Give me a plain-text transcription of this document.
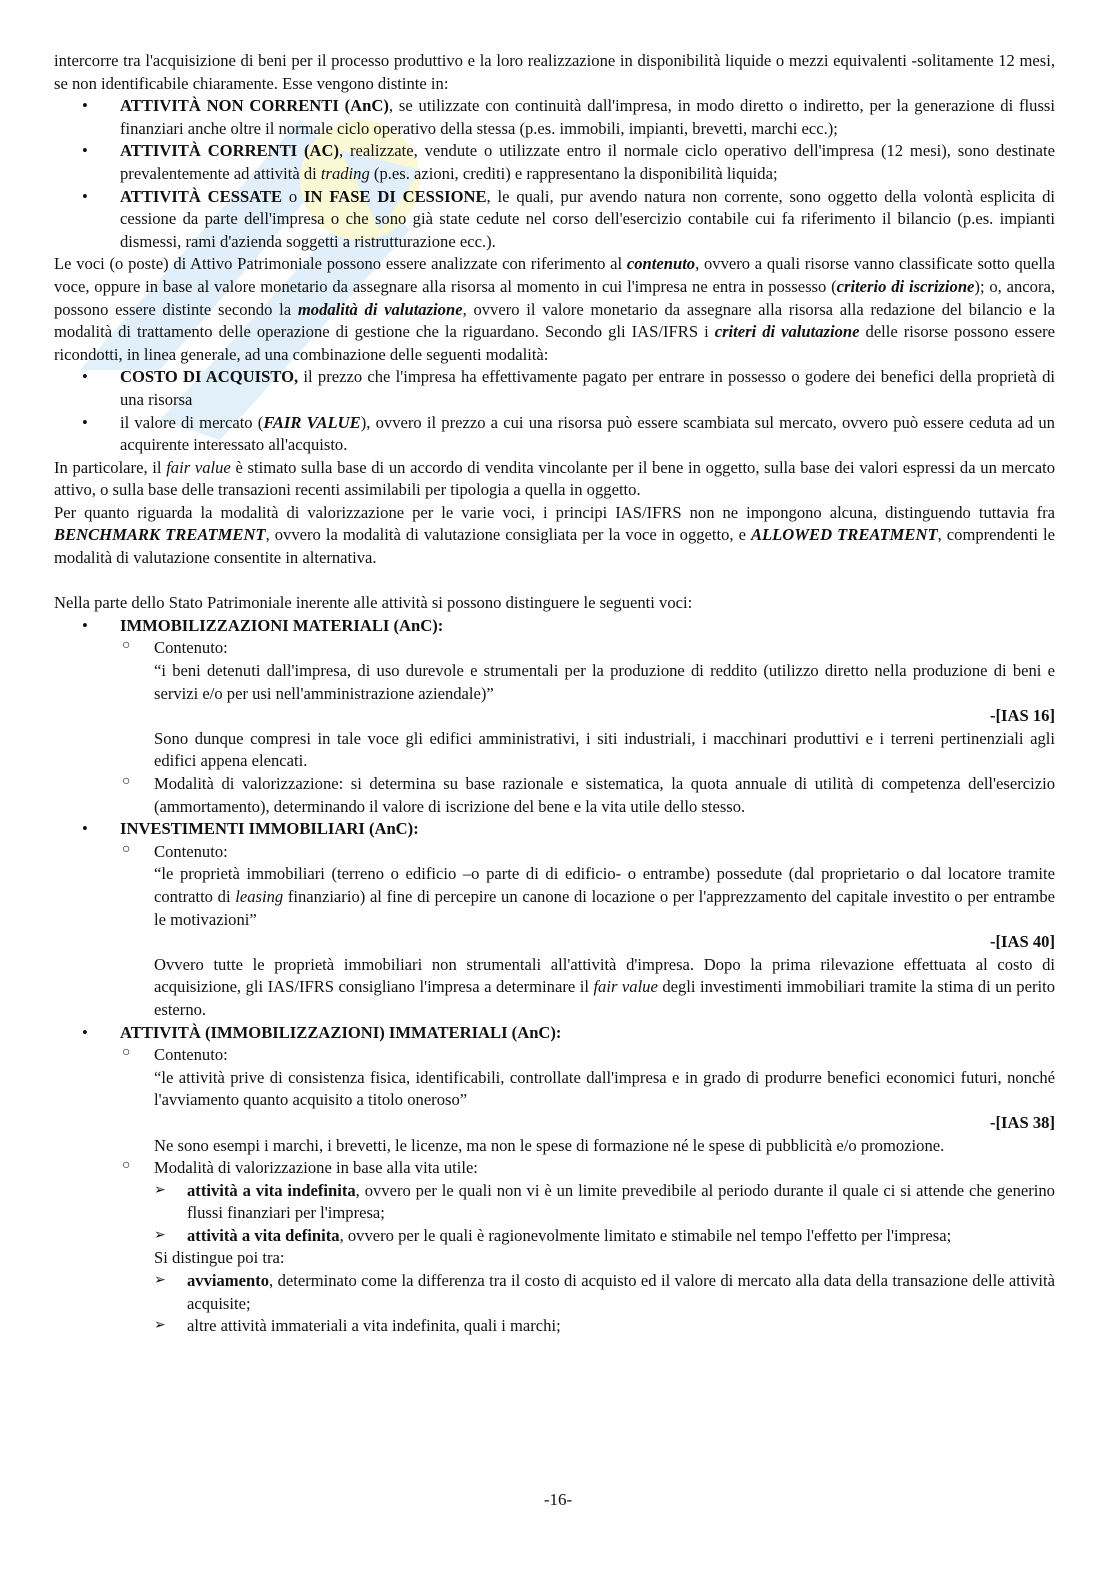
intercorre tra l'acquisizione di beni per il processo produttivo e la loro realizzazione in disponibilità liquide o mezzi equivalenti -solitamente 12 mesi, se non identificabile chiaramente. Esse vengono distinte in:

• ATTIVITÀ NON CORRENTI (AnC), se utilizzate con continuità dall'impresa, in modo diretto o indiretto, per la generazione di flussi finanziari anche oltre il normale ciclo operativo della stessa (p.es. immobili, impianti, brevetti, marchi ecc.);
• ATTIVITÀ CORRENTI (AC), realizzate, vendute o utilizzate entro il normale ciclo operativo dell'impresa (12 mesi), sono destinate prevalentemente ad attività di trading (p.es. azioni, crediti) e rappresentano la disponibilità liquida;
• ATTIVITÀ CESSATE o IN FASE DI CESSIONE, le quali, pur avendo natura non corrente, sono oggetto della volontà esplicita di cessione da parte dell'impresa o che sono già state cedute nel corso dell'esercizio contabile cui fa riferimento il bilancio (p.es. impianti dismessi, rami d'azienda soggetti a ristrutturazione ecc.).

Le voci (o poste) di Attivo Patrimoniale possono essere analizzate con riferimento al contenuto, ovvero a quali risorse vanno classificate sotto quella voce, oppure in base al valore monetario da assegnare alla risorsa al momento in cui l'impresa ne entra in possesso (criterio di iscrizione); o, ancora, possono essere distinte secondo la modalità di valutazione, ovvero il valore monetario da assegnare alla risorsa alla redazione del bilancio e la modalità di trattamento delle operazione di gestione che la riguardano. Secondo gli IAS/IFRS i criteri di valutazione delle risorse possono essere ricondotti, in linea generale, ad una combinazione delle seguenti modalità:

• COSTO DI ACQUISTO, il prezzo che l'impresa ha effettivamente pagato per entrare in possesso o godere dei benefici della proprietà di una risorsa
• il valore di mercato (FAIR VALUE), ovvero il prezzo a cui una risorsa può essere scambiata sul mercato, ovvero può essere ceduta ad un acquirente interessato all'acquisto.

In particolare, il fair value è stimato sulla base di un accordo di vendita vincolante per il bene in oggetto, sulla base dei valori espressi da un mercato attivo, o sulla base delle transazioni recenti assimilabili per tipologia a quella in oggetto.

Per quanto riguarda la modalità di valorizzazione per le varie voci, i principi IAS/IFRS non ne impongono alcuna, distinguendo tuttavia fra BENCHMARK TREATMENT, ovvero la modalità di valutazione consigliata per la voce in oggetto, e ALLOWED TREATMENT, comprendenti le modalità di valutazione consentite in alternativa.

Nella parte dello Stato Patrimoniale inerente alle attività si possono distinguere le seguenti voci:

• IMMOBILIZZAZIONI MATERIALI (AnC):
○ Contenuto:

“i beni detenuti dall'impresa, di uso durevole e strumentali per la produzione di reddito (utilizzo diretto nella produzione di beni e servizi e/o per usi nell'amministrazione aziendale)”

-[IAS 16]

Sono dunque compresi in tale voce gli edifici amministrativi, i siti industriali, i macchinari produttivi e i terreni pertinenziali agli edifici appena elencati.

○ Modalità di valorizzazione: si determina su base razionale e sistematica, la quota annuale di utilità di competenza dell'esercizio (ammortamento), determinando il valore di iscrizione del bene e la vita utile dello stesso.
• INVESTIMENTI IMMOBILIARI (AnC):
○ Contenuto:

“le proprietà immobiliari (terreno o edificio –o parte di di edificio- o entrambe) possedute (dal proprietario o dal locatore tramite contratto di leasing finanziario) al fine di percepire un canone di locazione o per l'apprezzamento del capitale investito o per entrambe le motivazioni”

-[IAS 40]

Ovvero tutte le proprietà immobiliari non strumentali all'attività d'impresa. Dopo la prima rilevazione effettuata al costo di acquisizione, gli IAS/IFRS consigliano l'impresa a determinare il fair value degli investimenti immobiliari tramite la stima di un perito esterno.

• ATTIVITÀ (IMMOBILIZZAZIONI) IMMATERIALI (AnC):
○ Contenuto:

“le attività prive di consistenza fisica, identificabili, controllate dall'impresa e in grado di produrre benefici economici futuri, nonché l'avviamento quanto acquisito a titolo oneroso”

-[IAS 38]

Ne sono esempi i marchi, i brevetti, le licenze, ma non le spese di formazione né le spese di pubblicità e/o promozione.

○ Modalità di valorizzazione in base alla vita utile:
➢ attività a vita indefinita, ovvero per le quali non vi è un limite prevedibile al periodo durante il quale ci si attende che generino flussi finanziari per l'impresa;
➢ attività a vita definita, ovvero per le quali è ragionevolmente limitato e stimabile nel tempo l'effetto per l'impresa;

Si distingue poi tra:

➢ avviamento, determinato come la differenza tra il costo di acquisto ed il valore di mercato alla data della transazione delle attività acquisite;
➢ altre attività immateriali a vita indefinita, quali i marchi;
-16-
